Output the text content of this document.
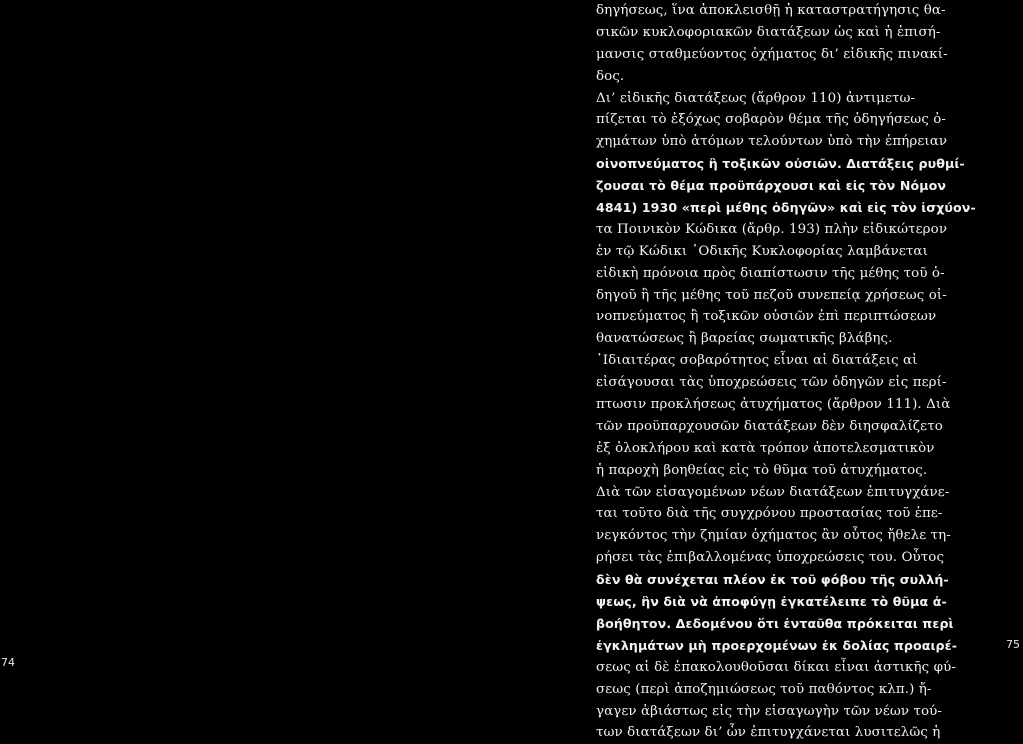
δηγήσεως, ἵνα ἀποκλεισθῇ ἡ καταστρατήγησις θα-
σικῶν κυκλοφοριακῶν διατάξεων ὡς καὶ ἡ ἐπισή-
μανσις σταθμεύοντος ὀχήματος δι’ εἰδικῆς πινακί-
δος.
Δι’ εἰδικῆς διατάξεως (ἄρθρον 110) ἀντιμετω-
πίζεται τὸ ἐξόχως σοβαρὸν θέμα τῆς ὁδηγήσεως ὀ-
χημάτων ὑπὸ ἀτόμων τελούντων ὑπὸ τὴν ἐπήρειαν
οἰνοπνεύματος ἢ τοξικῶν οὐσιῶν. Διατάξεις ρυθμί-
ζουσαι τὸ θέμα προϋπάρχουσι καὶ εἰς τὸν Νόμον
4841) 1930 «περὶ μέθης ὁδηγῶν» καὶ εἰς τὸν ἰσχύον-
τα Ποινικὸν Κώδικα (ἄρθρ. 193) πλὴν εἰδικώτερον
ἐν τῷ Κώδικι ῾Οδικῆς Κυκλοφορίας λαμβάνεται
εἰδικὴ πρόνοια πρὸς διαπίστωσιν τῆς μέθης τοῦ ὁ-
δηγοῦ ἢ τῆς μέθης τοῦ πεζοῦ συνεπείᾳ χρήσεως οἰ-
νοπνεύματος ἢ τοξικῶν οὐσιῶν ἐπὶ περιπτώσεων
θανατώσεως ἢ βαρείας σωματικῆς βλάβης.
᾿Ιδιαιτέρας σοβαρότητος εἶναι αἱ διατάξεις αἱ
εἰσάγουσαι τὰς ὑποχρεώσεις τῶν ὁδηγῶν εἰς περί-
πτωσιν προκλήσεως ἀτυχήματος (ἄρθρον 111). Διὰ
τῶν προϋπαρχουσῶν διατάξεων δὲν διησφαλίζετο
ἐξ ὁλοκλήρου καὶ κατὰ τρόπον ἀποτελεσματικὸν
ἡ παροχὴ βοηθείας εἰς τὸ θῦμα τοῦ ἀτυχήματος.
Διὰ τῶν εἰσαγομένων νέων διατάξεων ἐπιτυγχάνε-
ται τοῦτο διὰ τῆς συγχρόνου προστασίας τοῦ ἐπε-
νεγκόντος τὴν ζημίαν ὀχήματος ἂν οὗτος ἤθελε τη-
ρήσει τὰς ἐπιβαλλομένας ὑποχρεώσεις του. Οὗτος
δὲν θὰ συνέχεται πλέον ἐκ τοῦ φόβου τῆς συλλή-
ψεως, ἣν διὰ νὰ ἀποφύγῃ ἐγκατέλειπε τὸ θῦμα ἀ-
βοήθητον. Δεδομένου ὅτι ἐνταῦθα πρόκειται περὶ
ἐγκλημάτων μὴ προερχομένων ἐκ δολίας προαιρέ-
σεως αἱ δὲ ἐπακολουθοῦσαι δίκαι εἶναι ἀστικῆς φύ-
σεως (περὶ ἀποζημιώσεως τοῦ παθόντος κλπ.) ἤ-
γαγεν ἀβιάστως εἰς τὴν εἰσαγωγὴν τῶν νέων τού-
των διατάξεων δι’ ὧν ἐπιτυγχάνεται λυσιτελῶς ἡ
74
75
